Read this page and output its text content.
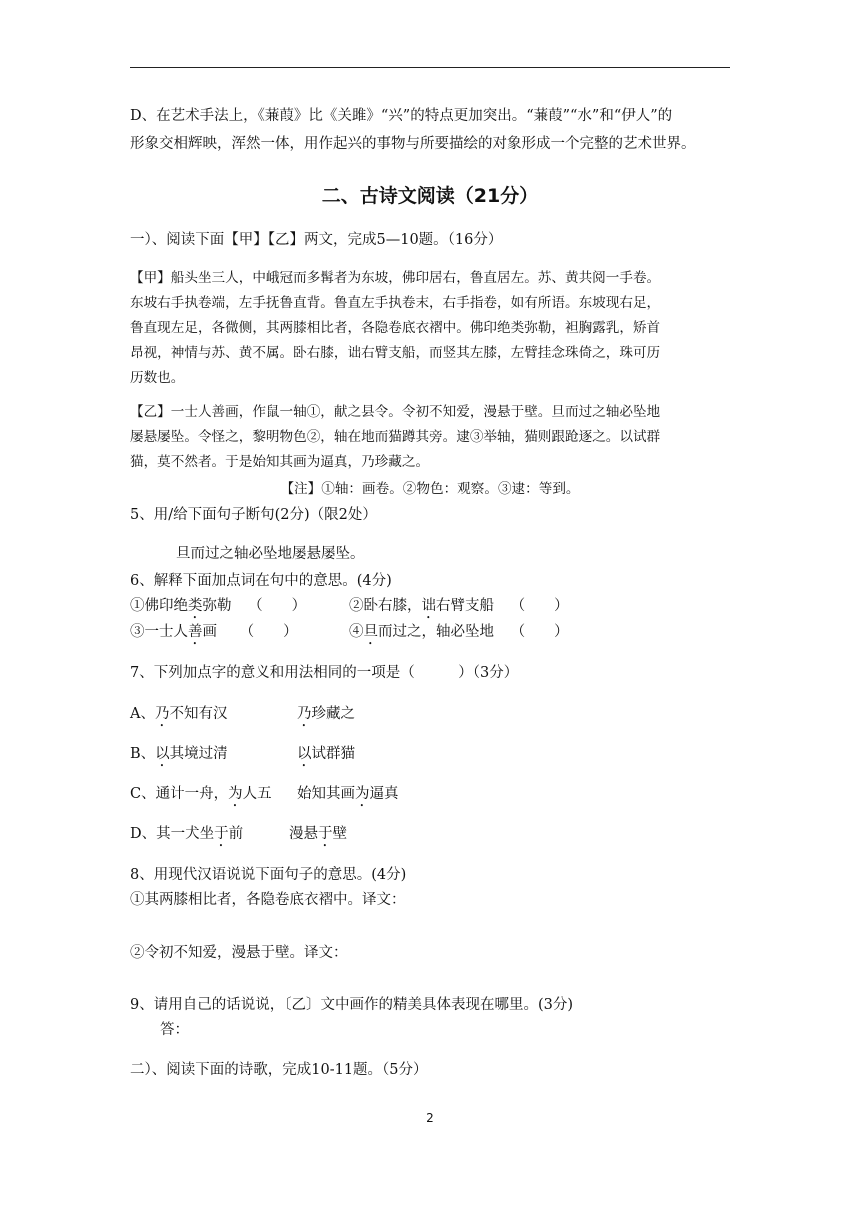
D、在艺术手法上，《蒹葭》比《关雎》“兴”的特点更加突出。“蒹葭”“水”和“伊人”的
形象交相辉映，浑然一体，用作起兴的事物与所要描绘的对象形成一个完整的艺术世界。
二、古诗文阅读（21分）
一）、阅读下面【甲】【乙】两文，完成5—10题。（16分）
【甲】船头坐三人，中峨冠而多髯者为东坡，佛印居右，鲁直居左。苏、黄共阅一手卷。
东坡右手执卷端，左手抚鲁直背。鲁直左手执卷末，右手指卷，如有所语。东坡现右足，
鲁直现左足，各微侧，其两膝相比者，各隐卷底衣褶中。佛印绝类弥勒，袒胸露乳，矫首
昂视，神情与苏、黄不属。卧右膝，诎右臂支船，而竖其左膝，左臂挂念珠倚之，珠可历
历数也。
【乙】一士人善画，作鼠一轴①，献之县令。令初不知爱，漫悬于壁。旦而过之轴必坠地
屡悬屡坠。令怪之，黎明物色②，轴在地而猫蹲其旁。逮③举轴，猫则跟跄逐之。以试群
猫，莫不然者。于是始知其画为逼真，乃珍藏之。
【注】①轴：画卷。②物色：观察。③逮：等到。
5、用/给下面句子断句(2分)（限2处）
旦而过之轴必坠地屡悬屡坠。
6、解释下面加点词在句中的意思。(4分)
①佛印绝类弥勒 （　　）	②卧右膝，诎右臂支船 （　　）
③一士人善画 （　　）	④旦而过之，轴必坠地 （　　）
7、下列加点字的意义和用法相同的一项是（　　　）（3分）
A、乃不知有汉	乃珍藏之
B、以其境过清	以试群猫
C、通计一舟，为人五 始知其画为逼真
D、其一犬坐于前	漫悬于壁
8、用现代汉语说说下面句子的意思。(4分)
①其两膝相比者，各隐卷底衣褶中。译文：
②令初不知爱，漫悬于壁。译文：
9、请用自己的话说说，〔乙〕文中画作的精美具体表现在哪里。(3分)
答：
二）、阅读下面的诗歌，完成10-11题。（5分）
2
